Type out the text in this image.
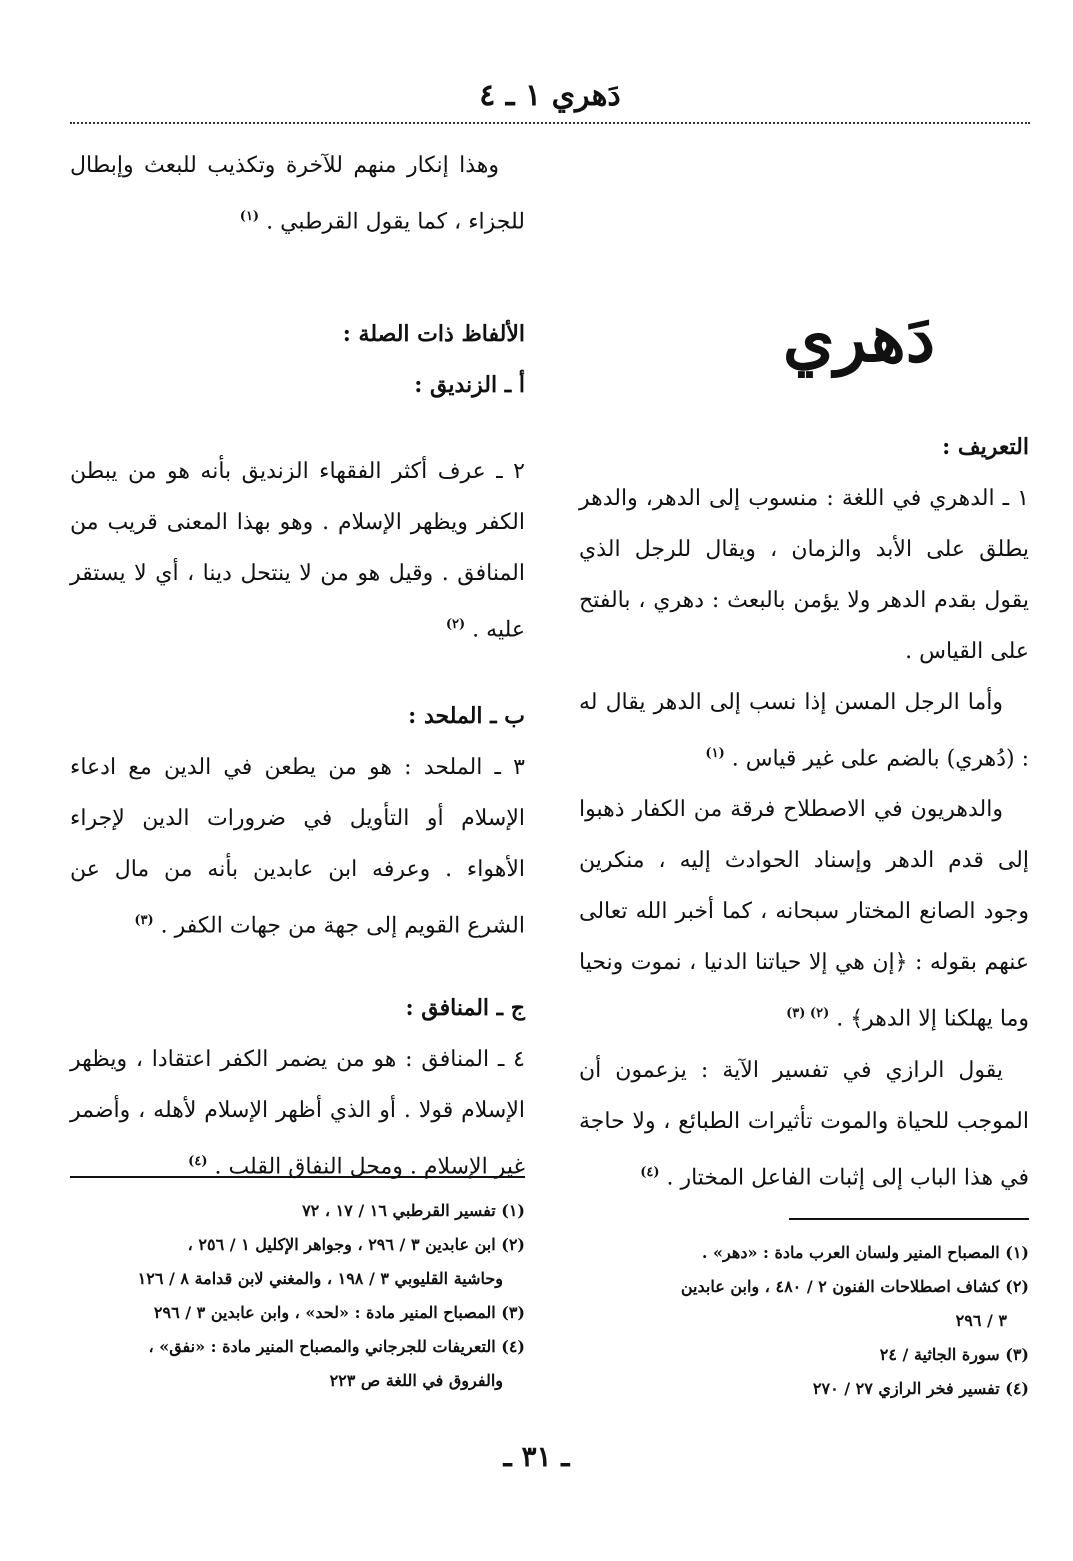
دَهري ١ ـ ٤
دَهري

التعريف :

١ ـ الدهري في اللغة : منسوب إلى الدهر، والدهر يطلق على الأبد والزمان ، ويقال للرجل الذي يقول بقدم الدهر ولا يؤمن بالبعث : دهري ، بالفتح على القياس .

وأما الرجل المسن إذا نسب إلى الدهر يقال له : (دُهري) بالضم على غير قياس . $^{(١)}$

والدهريون في الاصطلاح فرقة من الكفار ذهبوا إلى قدم الدهر وإسناد الحوادث إليه ، منكرين وجود الصانع المختار سبحانه ، كما أخبر الله تعالى عنهم بقوله : ﴿إن هي إلا حياتنا الدنيا ، نموت ونحيا وما يهلكنا إلا الدهر﴾ . $^{(٢) (٣)}$

يقول الرازي في تفسير الآية : يزعمون أن الموجب للحياة والموت تأثيرات الطبائع ، ولا حاجة في هذا الباب إلى إثبات الفاعل المختار . $^{(٤)}$

وهذا إنكار منهم للآخرة وتكذيب للبعث وإبطال للجزاء ، كما يقول القرطبي . $^{(١)}$

الألفاظ ذات الصلة :

أ ـ الزنديق :

٢ ـ عرف أكثر الفقهاء الزنديق بأنه هو من يبطن الكفر ويظهر الإسلام . وهو بهذا المعنى قريب من المنافق . وقيل هو من لا ينتحل دينا ، أي لا يستقر عليه . $^{(٢)}$

ب ـ الملحد :

٣ ـ الملحد : هو من يطعن في الدين مع ادعاء الإسلام أو التأويل في ضرورات الدين لإجراء الأهواء . وعرفه ابن عابدين بأنه من مال عن الشرع القويم إلى جهة من جهات الكفر . $^{(٣)}$

ج ـ المنافق :

٤ ـ المنافق : هو من يضمر الكفر اعتقادا ، ويظهر الإسلام قولا . أو الذي أظهر الإسلام لأهله ، وأضمر غير الإسلام . ومحل النفاق القلب . $^{(٤)}$

(١) المصباح المنير ولسان العرب مادة : «دهر» .

(٢) كشاف اصطلاحات الفنون ٢ / ٤٨٠ ، وابن عابدين

٣ / ٢٩٦

(٣) سورة الجاثية / ٢٤

(٤) تفسير فخر الرازي ٢٧ / ٢٧٠

(١) تفسير القرطبي ١٦ / ١٧ ، ٧٢

(٢) ابن عابدين ٣ / ٢٩٦ ، وجواهر الإكليل ١ / ٢٥٦ ،

وحاشية القليوبي ٣ / ١٩٨ ، والمغني لابن قدامة ٨ / ١٢٦

(٣) المصباح المنير مادة : «لحد» ، وابن عابدين ٣ / ٢٩٦

(٤) التعريفات للجرجاني والمصباح المنير مادة : «نفق» ،

والفروق في اللغة ص ٢٢٣

ـ ٣١ ـ
